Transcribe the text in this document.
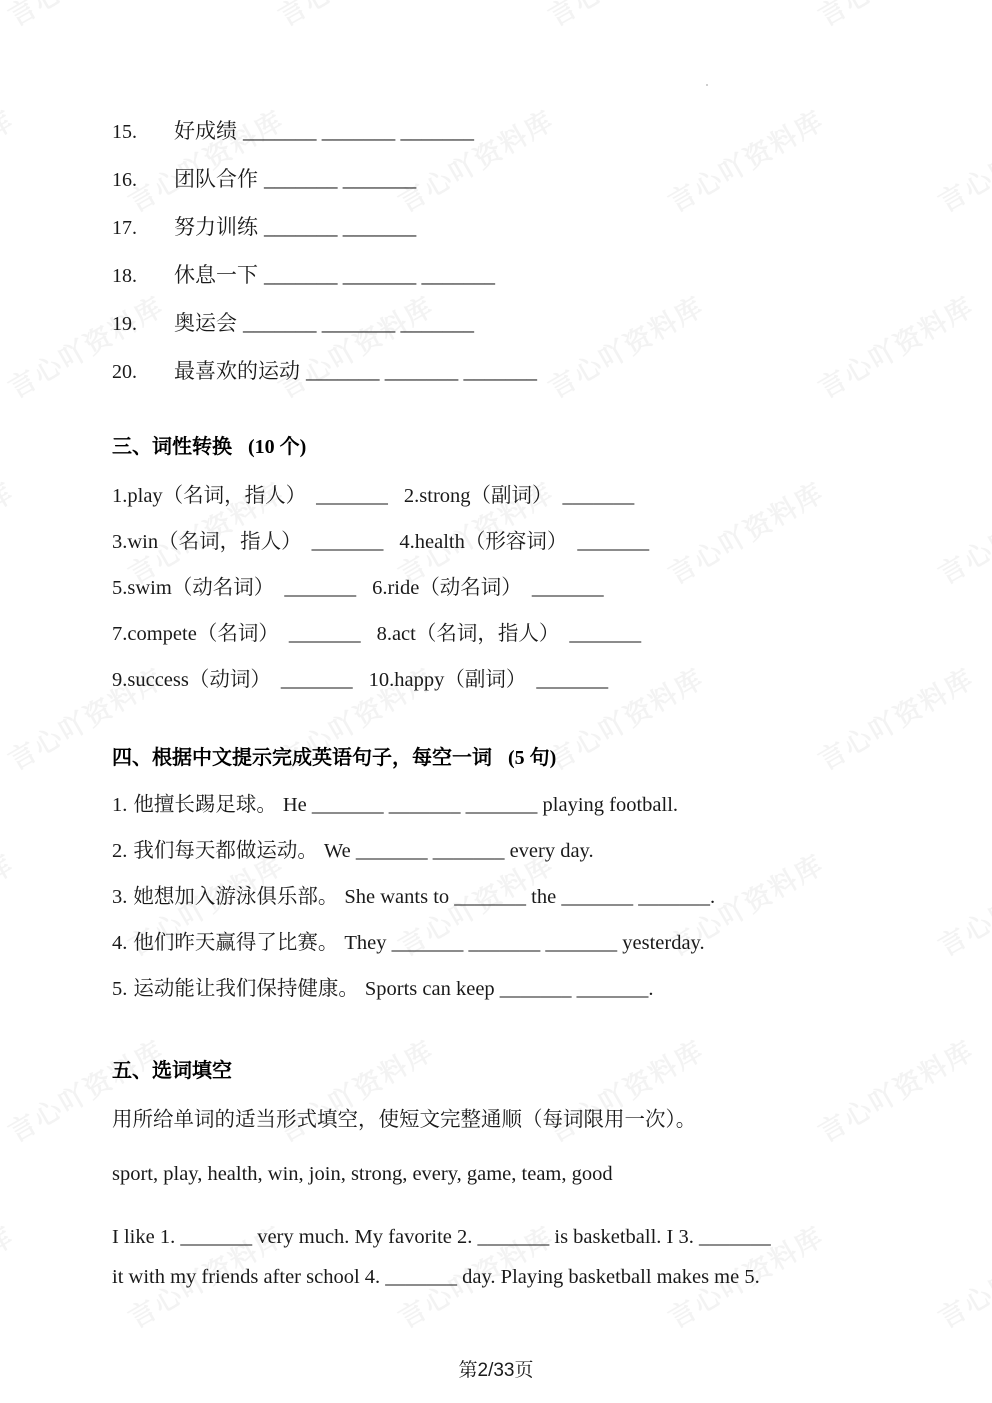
15.	好成绩 _______ _______ _______
16.	团队合作 _______ _______
17.	努力训练 _______ _______
18.	休息一下 _______ _______ _______
19.	奥运会 _______ _______ _______
20.	最喜欢的运动 _______ _______ _______
三、词性转换 (10 个)
1.play（名词，指人） _______ 2.strong（副词） _______
3.win（名词，指人） _______ 4.health（形容词） _______
5.swim（动名词） _______ 6.ride（动名词） _______
7.compete（名词） _______ 8.act（名词，指人） _______
9.success（动词） _______ 10.happy（副词） _______
四、根据中文提示完成英语句子，每空一词 (5 句)
1. 他擅长踢足球。 He _______ _______ _______ playing football.
2. 我们每天都做运动。 We _______ _______ every day.
3. 她想加入游泳俱乐部。 She wants to _______ the _______ _______.
4. 他们昨天赢得了比赛。 They _______ _______ _______ yesterday.
5. 运动能让我们保持健康。 Sports can keep _______ _______.
五、选词填空
用所给单词的适当形式填空，使短文完整通顺（每词限用一次）。
sport, play, health, win, join, strong, every, game, team, good
I like 1. _______ very much. My favorite 2. _______ is basketball. I 3. _______
it with my friends after school 4. _______ day. Playing basketball makes me 5.
第2/33页
